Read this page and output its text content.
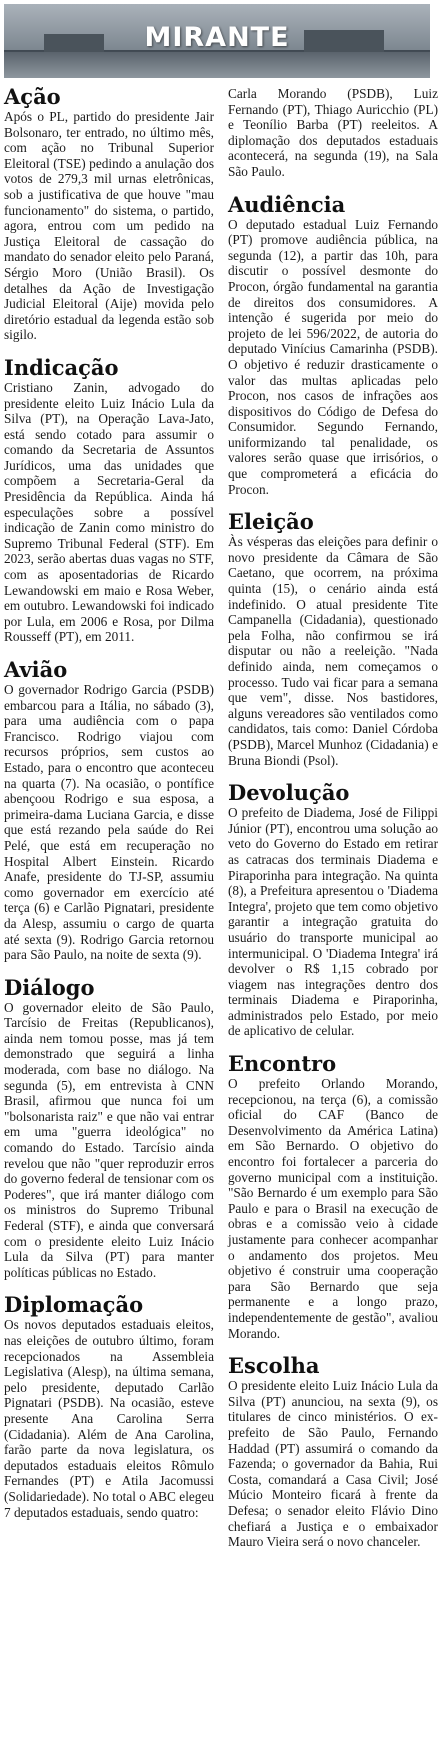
MIRANTE
Ação

Após o PL, partido do presidente Jair Bolsonaro, ter entrado, no último mês, com ação no Tribunal Superior Eleitoral (TSE) pedindo a anulação dos votos de 279,3 mil urnas eletrônicas, sob a justificativa de que houve "mau funcionamento" do sistema, o partido, agora, entrou com um pedido na Justiça Eleitoral de cassação do mandato do senador eleito pelo Paraná, Sérgio Moro (União Brasil). Os detalhes da Ação de Investigação Judicial Eleitoral (Aije) movida pelo diretório estadual da legenda estão sob sigilo.

Indicação

Cristiano Zanin, advogado do presidente eleito Luiz Inácio Lula da Silva (PT), na Operação Lava-Jato, está sendo cotado para assumir o comando da Secretaria de Assuntos Jurídicos, uma das unidades que compõem a Secretaria-Geral da Presidência da República. Ainda há especulações sobre a possível indicação de Zanin como ministro do Supremo Tribunal Federal (STF). Em 2023, serão abertas duas vagas no STF, com as aposentadorias de Ricardo Lewandowski em maio e Rosa Weber, em outubro. Lewandowski foi indicado por Lula, em 2006 e Rosa, por Dilma Rousseff (PT), em 2011.

Avião

O governador Rodrigo Garcia (PSDB) embarcou para a Itália, no sábado (3), para uma audiência com o papa Francisco. Rodrigo viajou com recursos próprios, sem custos ao Estado, para o encontro que aconteceu na quarta (7). Na ocasião, o pontífice abençoou Rodrigo e sua esposa, a primeira-dama Luciana Garcia, e disse que está rezando pela saúde do Rei Pelé, que está em recuperação no Hospital Albert Einstein. Ricardo Anafe, presidente do TJ-SP, assumiu como governador em exercício até terça (6) e Carlão Pignatari, presidente da Alesp, assumiu o cargo de quarta até sexta (9). Rodrigo Garcia retornou para São Paulo, na noite de sexta (9).

Diálogo

O governador eleito de São Paulo, Tarcísio de Freitas (Republicanos), ainda nem tomou posse, mas já tem demonstrado que seguirá a linha moderada, com base no diálogo. Na segunda (5), em entrevista à CNN Brasil, afirmou que nunca foi um "bolsonarista raiz" e que não vai entrar em uma "guerra ideológica" no comando do Estado. Tarcísio ainda revelou que não "quer reproduzir erros do governo federal de tensionar com os Poderes", que irá manter diálogo com os ministros do Supremo Tribunal Federal (STF), e ainda que conversará com o presidente eleito Luiz Inácio Lula da Silva (PT) para manter políticas públicas no Estado.

Diplomação

Os novos deputados estaduais eleitos, nas eleições de outubro último, foram recepcionados na Assembleia Legislativa (Alesp), na última semana, pelo presidente, deputado Carlão Pignatari (PSDB). Na ocasião, esteve presente Ana Carolina Serra (Cidadania). Além de Ana Carolina, farão parte da nova legislatura, os deputados estaduais eleitos Rômulo Fernandes (PT) e Atila Jacomussi (Solidariedade). No total o ABC elegeu 7 deputados estaduais, sendo quatro:

Carla Morando (PSDB), Luiz Fernando (PT), Thiago Auricchio (PL) e Teonílio Barba (PT) reeleitos. A diplomação dos deputados estaduais acontecerá, na segunda (19), na Sala São Paulo.

Audiência

O deputado estadual Luiz Fernando (PT) promove audiência pública, na segunda (12), a partir das 10h, para discutir o possível desmonte do Procon, órgão fundamental na garantia de direitos dos consumidores. A intenção é sugerida por meio do projeto de lei 596/2022, de autoria do deputado Vinícius Camarinha (PSDB). O objetivo é reduzir drasticamente o valor das multas aplicadas pelo Procon, nos casos de infrações aos dispositivos do Código de Defesa do Consumidor. Segundo Fernando, uniformizando tal penalidade, os valores serão quase que irrisórios, o que comprometerá a eficácia do Procon.

Eleição

Às vésperas das eleições para definir o novo presidente da Câmara de São Caetano, que ocorrem, na próxima quinta (15), o cenário ainda está indefinido. O atual presidente Tite Campanella (Cidadania), questionado pela Folha, não confirmou se irá disputar ou não a reeleição. "Nada definido ainda, nem começamos o processo. Tudo vai ficar para a semana que vem", disse. Nos bastidores, alguns vereadores são ventilados como candidatos, tais como: Daniel Córdoba (PSDB), Marcel Munhoz (Cidadania) e Bruna Biondi (Psol).

Devolução

O prefeito de Diadema, José de Filippi Júnior (PT), encontrou uma solução ao veto do Governo do Estado em retirar as catracas dos terminais Diadema e Piraporinha para integração. Na quinta (8), a Prefeitura apresentou o 'Diadema Integra', projeto que tem como objetivo garantir a integração gratuita do usuário do transporte municipal ao intermunicipal. O 'Diadema Integra' irá devolver o R$ 1,15 cobrado por viagem nas integrações dentro dos terminais Diadema e Piraporinha, administrados pelo Estado, por meio de aplicativo de celular.

Encontro

O prefeito Orlando Morando, recepcionou, na terça (6), a comissão oficial do CAF (Banco de Desenvolvimento da América Latina) em São Bernardo. O objetivo do encontro foi fortalecer a parceria do governo municipal com a instituição. "São Bernardo é um exemplo para São Paulo e para o Brasil na execução de obras e a comissão veio à cidade justamente para conhecer acompanhar o andamento dos projetos. Meu objetivo é construir uma cooperação para São Bernardo que seja permanente e a longo prazo, independentemente de gestão", avaliou Morando.

Escolha

O presidente eleito Luiz Inácio Lula da Silva (PT) anunciou, na sexta (9), os titulares de cinco ministérios. O ex-prefeito de São Paulo, Fernando Haddad (PT) assumirá o comando da Fazenda; o governador da Bahia, Rui Costa, comandará a Casa Civil; José Múcio Monteiro ficará à frente da Defesa; o senador eleito Flávio Dino chefiará a Justiça e o embaixador Mauro Vieira será o novo chanceler.
